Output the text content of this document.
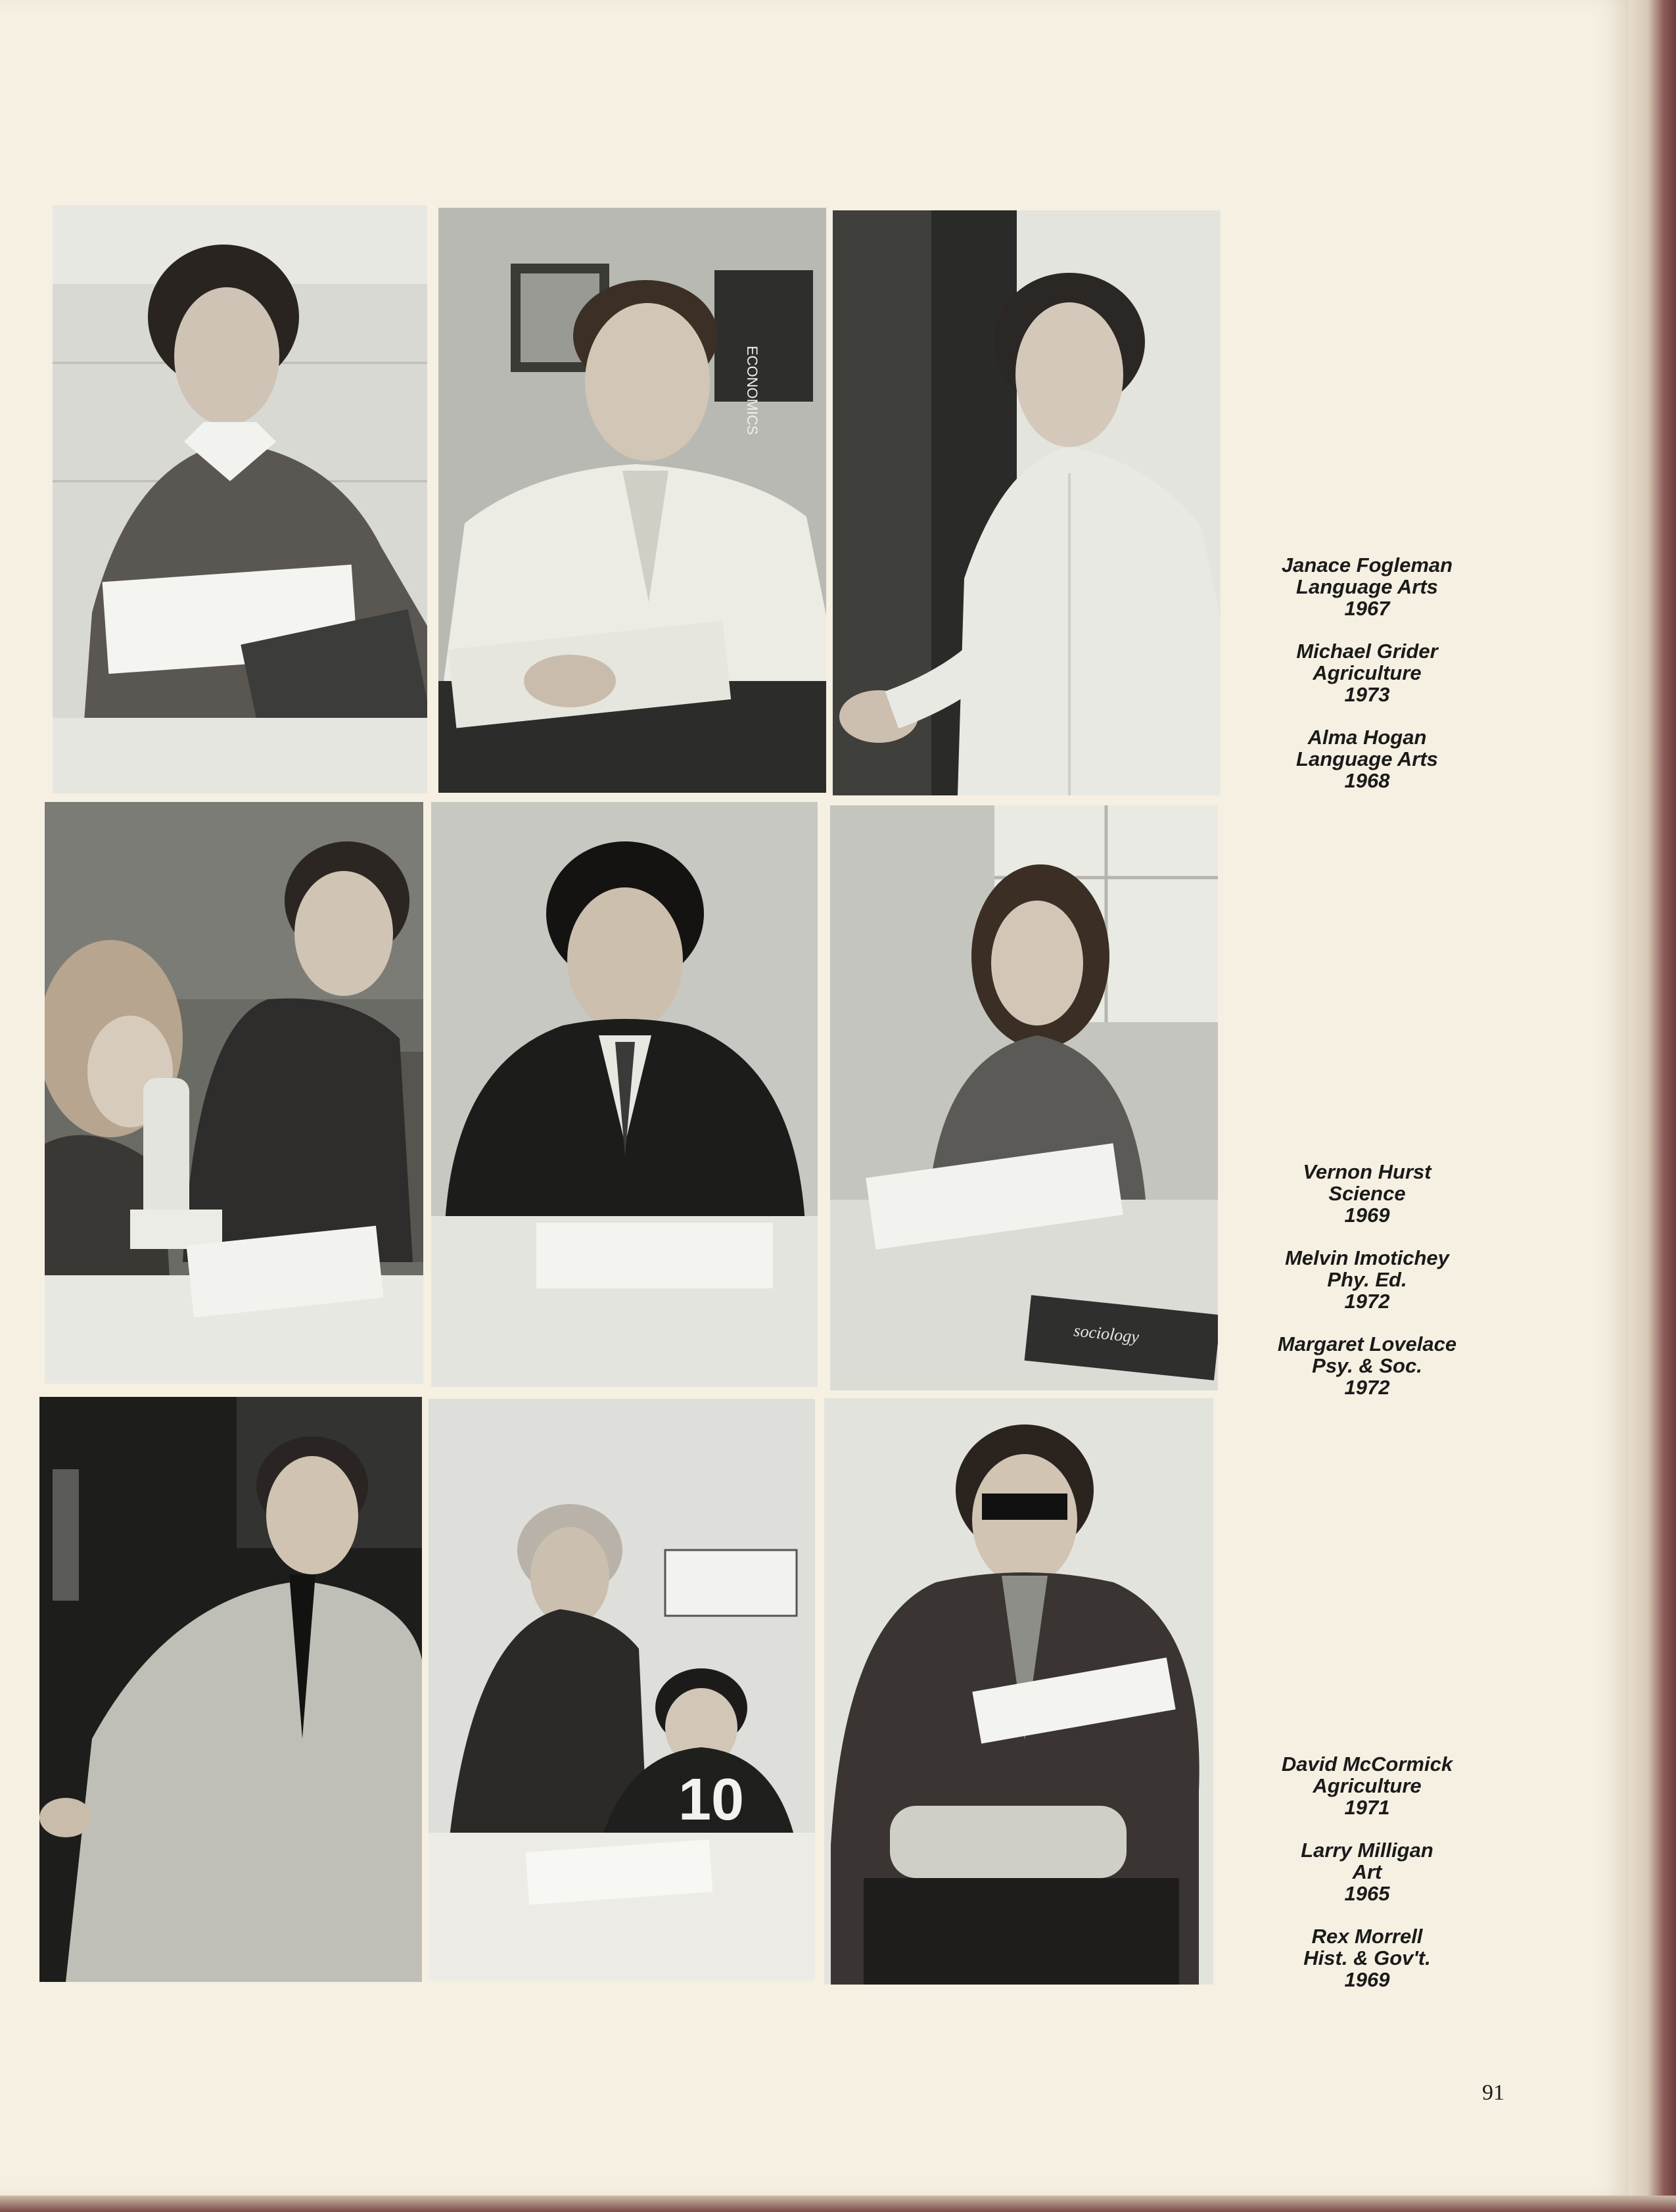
ECONOMICS
sociology
10
Janace Fogleman
Language Arts
1967
Michael Grider
Agriculture
1973
Alma Hogan
Language Arts
1968
Vernon Hurst
Science
1969
Melvin Imotichey
Phy. Ed.
1972
Margaret Lovelace
Psy. & Soc.
1972
David McCormick
Agriculture
1971
Larry Milligan
Art
1965
Rex Morrell
Hist. & Gov't.
1969
91
